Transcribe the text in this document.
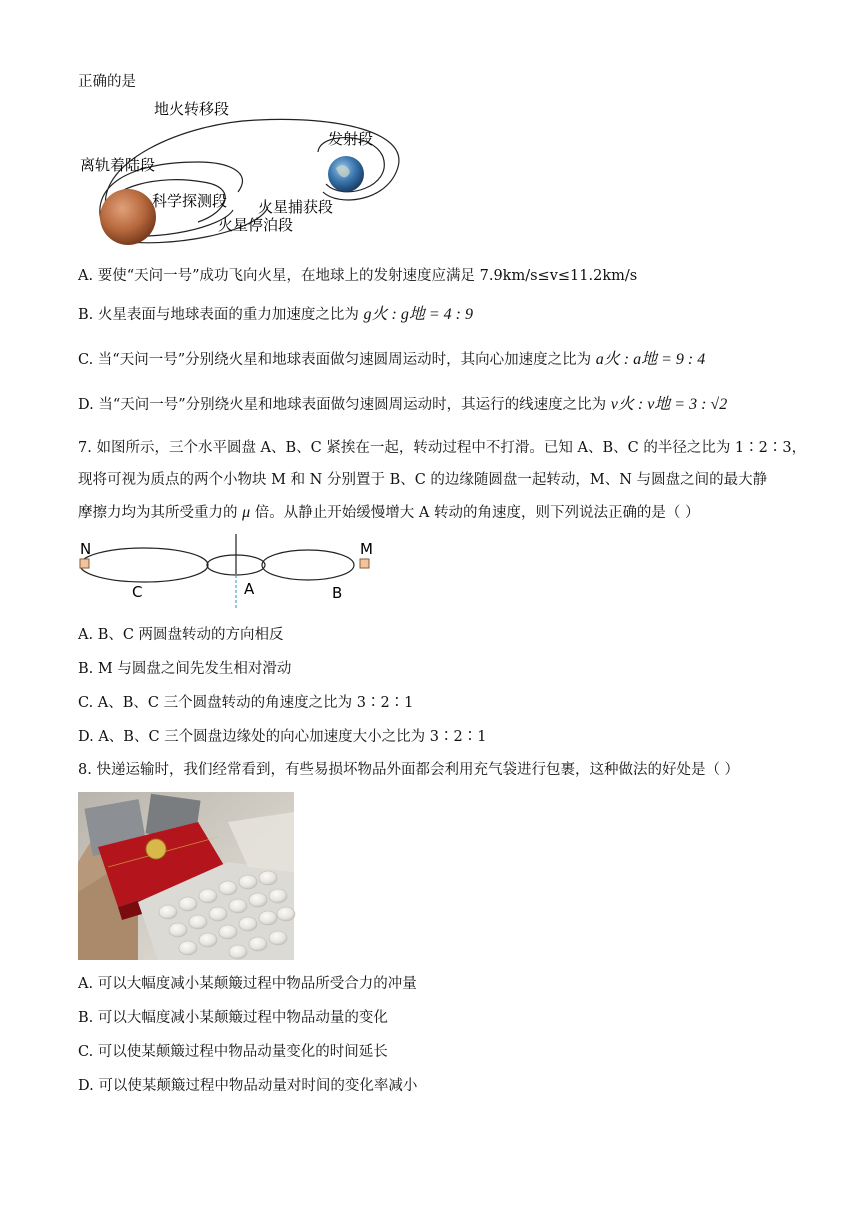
正确的是
地火转移段
发射段
离轨着陆段
科学探测段 火星捕获段
火星停泊段
A. 要使“天问一号”成功飞向火星，在地球上的发射速度应满足 7.9km/s≤v≤11.2km/s
B. 火星表面与地球表面的重力加速度之比为 g火 : g地 = 4 : 9
C. 当“天问一号”分别绕火星和地球表面做匀速圆周运动时，其向心加速度之比为 a火 : a地 = 9 : 4
D. 当“天问一号”分别绕火星和地球表面做匀速圆周运动时，其运行的线速度之比为 v火 : v地 = 3 : √2
7. 如图所示，三个水平圆盘 A、B、C 紧挨在一起，转动过程中不打滑。已知 A、B、C 的半径之比为 1∶2∶3，
现将可视为质点的两个小物块 M 和 N 分别置于 B、C 的边缘随圆盘一起转动，M、N 与圆盘之间的最大静
摩擦力均为其所受重力的 μ 倍。从静止开始缓慢增大 A 转动的角速度，则下列说法正确的是（ ）
N	M
C	A	B
A. B、C 两圆盘转动的方向相反
B. M 与圆盘之间先发生相对滑动
C. A、B、C 三个圆盘转动的角速度之比为 3∶2∶1
D. A、B、C 三个圆盘边缘处的向心加速度大小之比为 3∶2∶1
8. 快递运输时，我们经常看到，有些易损坏物品外面都会利用充气袋进行包裹，这种做法的好处是（ ）
A. 可以大幅度减小某颠簸过程中物品所受合力的冲量
B. 可以大幅度减小某颠簸过程中物品动量的变化
C. 可以使某颠簸过程中物品动量变化的时间延长
D. 可以使某颠簸过程中物品动量对时间的变化率减小
